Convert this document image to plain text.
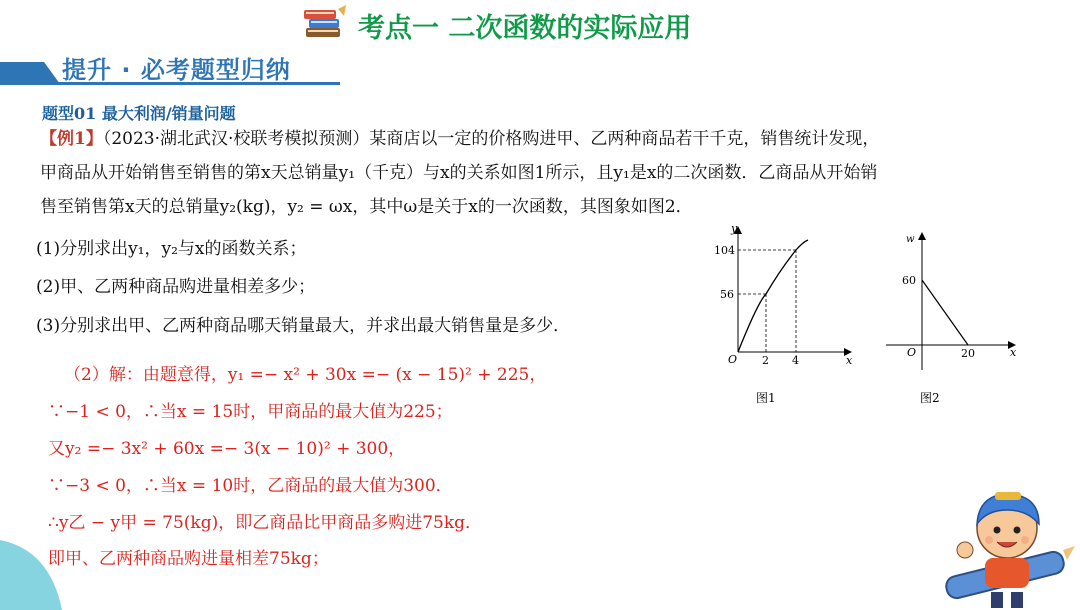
考点一 二次函数的实际应用
提升 · 必考题型归纳
题型01 最大利润/销量问题
【例1】（2023·湖北武汉·校联考模拟预测）某商店以一定的价格购进甲、乙两种商品若干千克，销售统计发现，
甲商品从开始销售至销售的第x天总销量y₁（千克）与x的关系如图1所示，且y₁是x的二次函数．乙商品从开始销
售至销售第x天的总销量y₂(kg)，y₂ = ωx，其中ω是关于x的一次函数，其图象如图2．
(1)分别求出y₁，y₂与x的函数关系；
(2)甲、乙两种商品购进量相差多少；
(3)分别求出甲、乙两种商品哪天销量最大，并求出最大销售量是多少．
（2）解：由题意得，y₁ =− x² + 30x =− (x − 15)² + 225，
∵−1 < 0，∴当x = 15时，甲商品的最大值为225；
又y₂ =− 3x² + 60x =− 3(x − 10)² + 300，
∵−3 < 0，∴当x = 10时，乙商品的最大值为300．
∴y乙 − y甲 = 75(kg)，即乙商品比甲商品多购进75kg．
即甲、乙两种商品购进量相差75kg；
y
x
O
104
56
2 4
图1
w
x
O
60
20
图2
